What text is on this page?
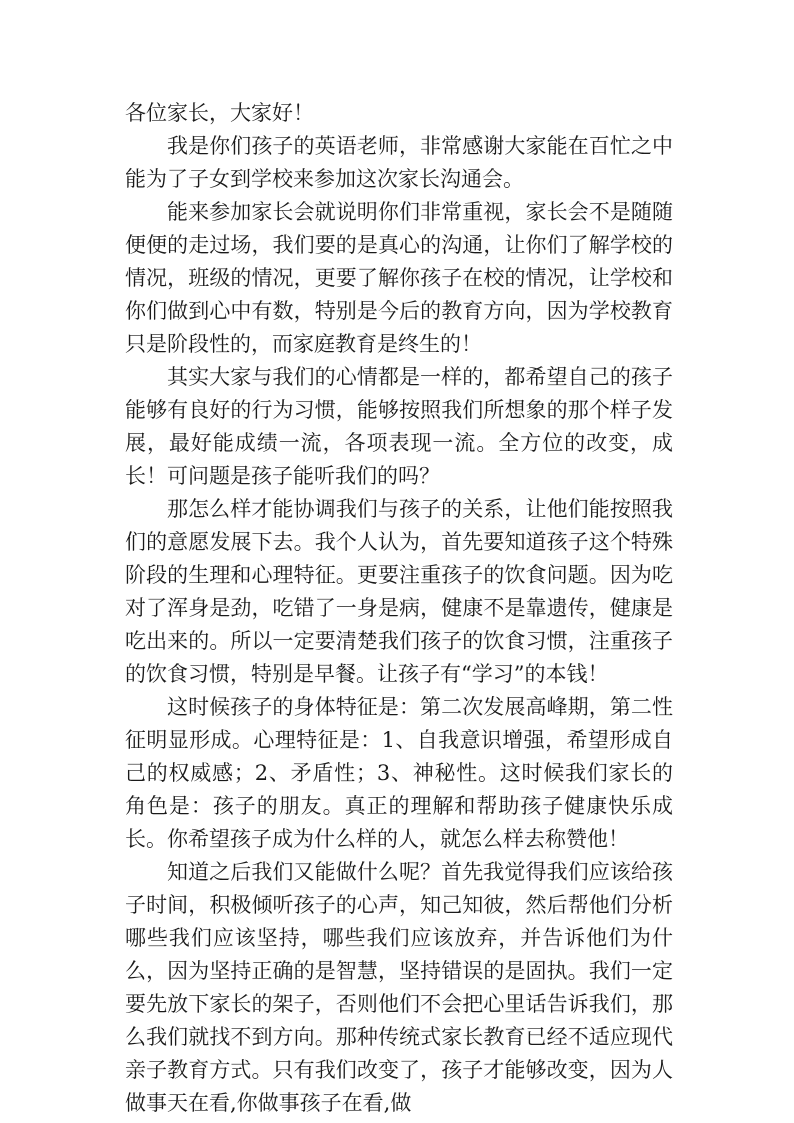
各位家长，大家好！

我是你们孩子的英语老师，非常感谢大家能在百忙之中能为了子女到学校来参加这次家长沟通会。

能来参加家长会就说明你们非常重视，家长会不是随随便便的走过场，我们要的是真心的沟通，让你们了解学校的情况，班级的情况，更要了解你孩子在校的情况，让学校和你们做到心中有数，特别是今后的教育方向，因为学校教育只是阶段性的，而家庭教育是终生的！

其实大家与我们的心情都是一样的，都希望自己的孩子能够有良好的行为习惯，能够按照我们所想象的那个样子发展，最好能成绩一流，各项表现一流。全方位的改变，成长！可问题是孩子能听我们的吗？

那怎么样才能协调我们与孩子的关系，让他们能按照我们的意愿发展下去。我个人认为，首先要知道孩子这个特殊阶段的生理和心理特征。更要注重孩子的饮食问题。因为吃对了浑身是劲，吃错了一身是病，健康不是靠遗传，健康是吃出来的。所以一定要清楚我们孩子的饮食习惯，注重孩子的饮食习惯，特别是早餐。让孩子有“学习”的本钱！

这时候孩子的身体特征是：第二次发展高峰期，第二性征明显形成。心理特征是：1、自我意识增强，希望形成自己的权威感；2、矛盾性；3、神秘性。这时候我们家长的角色是：孩子的朋友。真正的理解和帮助孩子健康快乐成长。你希望孩子成为什么样的人，就怎么样去称赞他！

知道之后我们又能做什么呢？首先我觉得我们应该给孩子时间，积极倾听孩子的心声，知己知彼，然后帮他们分析哪些我们应该坚持，哪些我们应该放弃，并告诉他们为什么，因为坚持正确的是智慧，坚持错误的是固执。我们一定要先放下家长的架子，否则他们不会把心里话告诉我们，那么我们就找不到方向。那种传统式家长教育已经不适应现代亲子教育方式。只有我们改变了，孩子才能够改变，因为人做事天在看,你做事孩子在看,做
